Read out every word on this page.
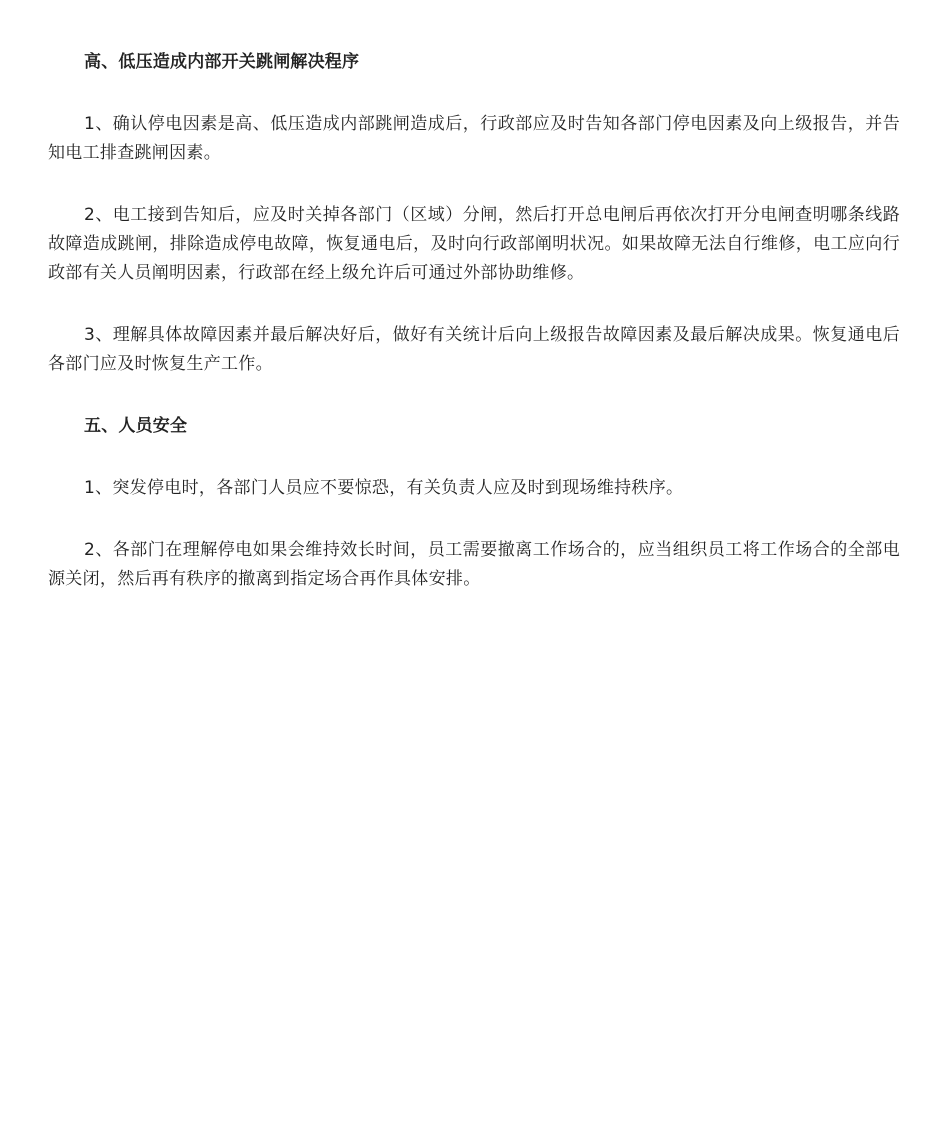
高、低压造成内部开关跳闸解决程序

1、确认停电因素是高、低压造成内部跳闸造成后，行政部应及时告知各部门停电因素及向上级报告，并告知电工排查跳闸因素。

2、电工接到告知后，应及时关掉各部门（区域）分闸，然后打开总电闸后再依次打开分电闸查明哪条线路故障造成跳闸，排除造成停电故障，恢复通电后，及时向行政部阐明状况。如果故障无法自行维修，电工应向行政部有关人员阐明因素，行政部在经上级允许后可通过外部协助维修。

3、理解具体故障因素并最后解决好后，做好有关统计后向上级报告故障因素及最后解决成果。恢复通电后各部门应及时恢复生产工作。

五、人员安全

1、突发停电时，各部门人员应不要惊恐，有关负责人应及时到现场维持秩序。

2、各部门在理解停电如果会维持效长时间，员工需要撤离工作场合的，应当组织员工将工作场合的全部电源关闭，然后再有秩序的撤离到指定场合再作具体安排。
